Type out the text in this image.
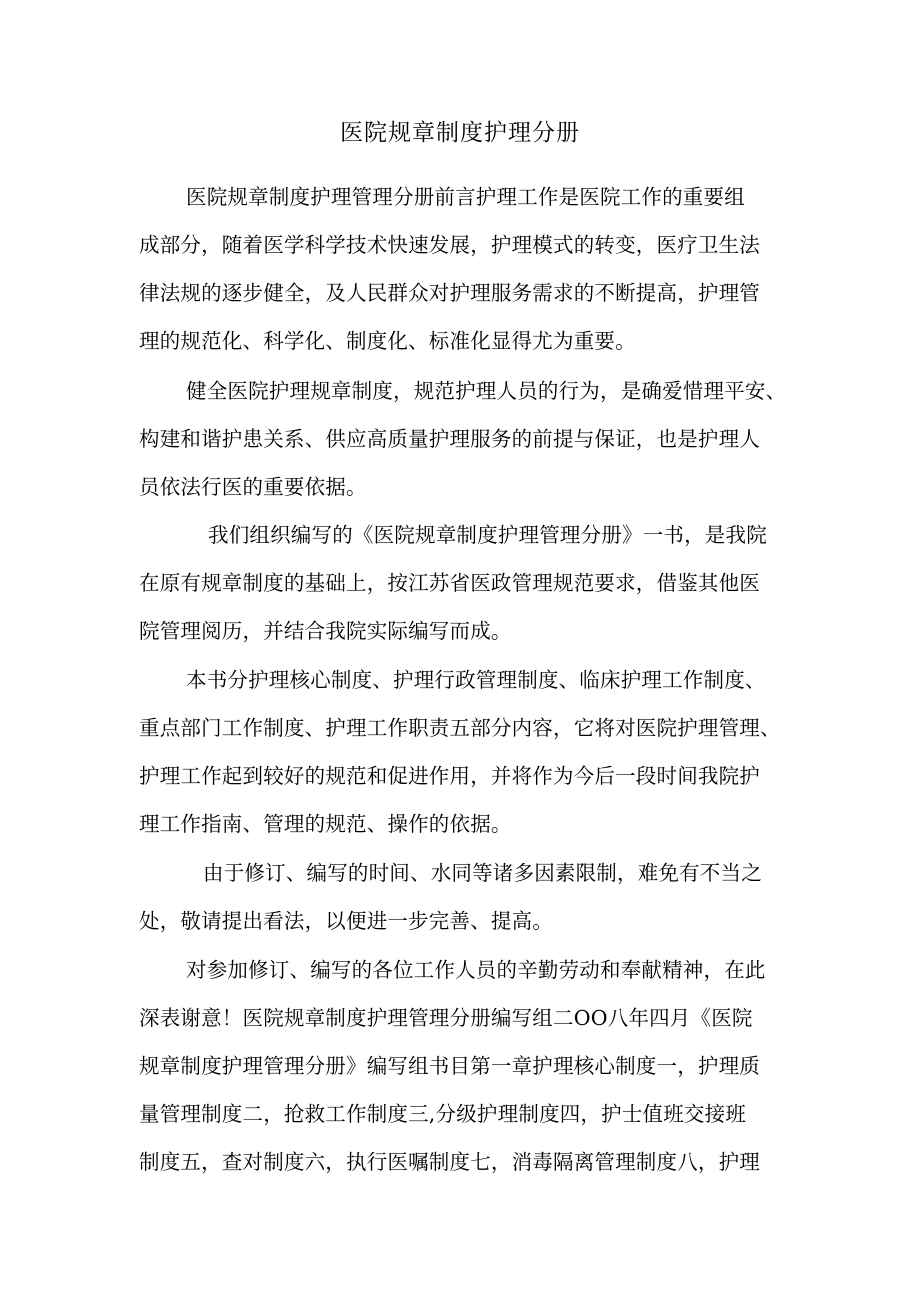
医院规章制度护理分册
医院规章制度护理管理分册前言护理工作是医院工作的重要组
成部分，随着医学科学技术快速发展，护理模式的转变，医疗卫生法
律法规的逐步健全，及人民群众对护理服务需求的不断提高，护理管
理的规范化、科学化、制度化、标准化显得尤为重要。
健全医院护理规章制度，规范护理人员的行为，是确爱惜理平安、
构建和谐护患关系、供应高质量护理服务的前提与保证，也是护理人
员依法行医的重要依据。
我们组织编写的《医院规章制度护理管理分册》一书，是我院
在原有规章制度的基础上，按江苏省医政管理规范要求，借鉴其他医
院管理阅历，并结合我院实际编写而成。
本书分护理核心制度、护理行政管理制度、临床护理工作制度、
重点部门工作制度、护理工作职责五部分内容，它将对医院护理管理、
护理工作起到较好的规范和促进作用，并将作为今后一段时间我院护
理工作指南、管理的规范、操作的依据。
由于修订、编写的时间、水同等诸多因素限制，难免有不当之
处，敬请提出看法，以便进一步完善、提高。
对参加修订、编写的各位工作人员的辛勤劳动和奉献精神，在此
深表谢意！医院规章制度护理管理分册编写组二OO八年四月《医院
规章制度护理管理分册》编写组书目第一章护理核心制度一，护理质
量管理制度二，抢救工作制度三,分级护理制度四，护士值班交接班
制度五，查对制度六，执行医嘱制度七，消毒隔离管理制度八，护理
